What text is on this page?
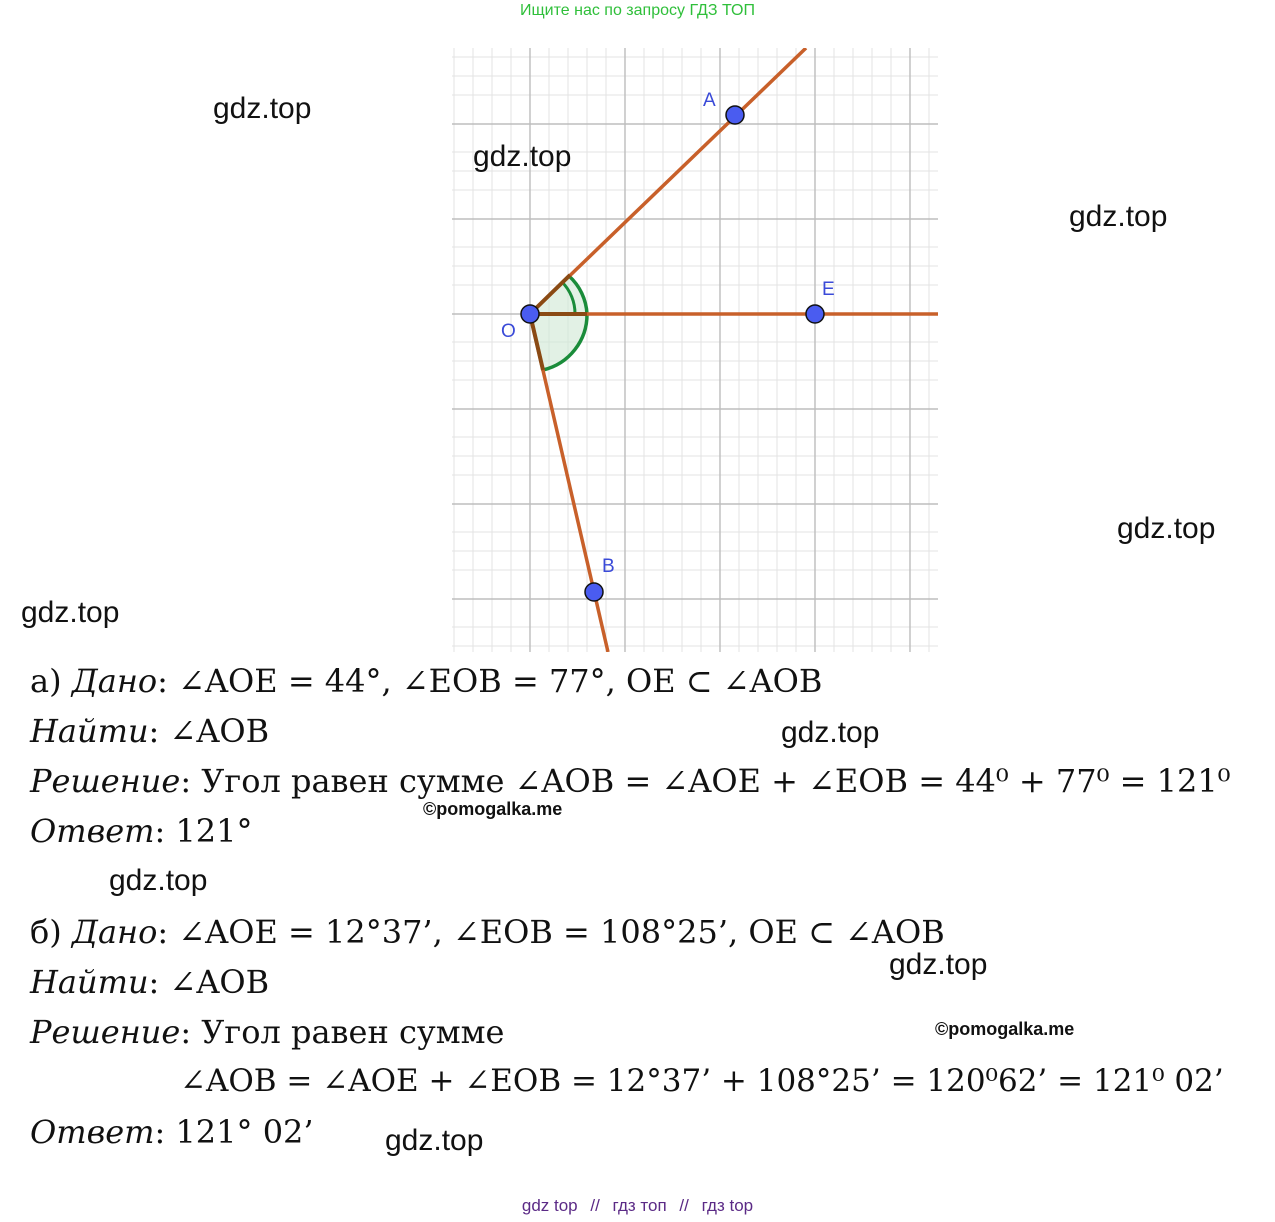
Ищите нас по запросу ГДЗ ТОП
A
E
O
B
gdz.top
gdz.top
gdz.top
gdz.top
gdz.top
gdz.top
gdz.top
gdz.top
gdz.top
©pomogalka.me
©pomogalka.me
а) Дано: ∠AOE = 44°, ∠EOB = 77°, OE ⊂ ∠AOB
Найти: ∠AOB
Решение: Угол равен сумме ∠AOB = ∠AOE + ∠EOB = 44⁰ + 77⁰ = 121⁰
Ответ: 121°
б) Дано: ∠AOE = 12°37’, ∠EOB = 108°25’, OE ⊂ ∠AOB
Найти: ∠AOB
Решение: Угол равен сумме
∠AOB = ∠AOE + ∠EOB = 12°37’ + 108°25’ = 120⁰62’ = 121⁰ 02’
Ответ: 121° 02’
gdz top // гдз топ // гдз top
